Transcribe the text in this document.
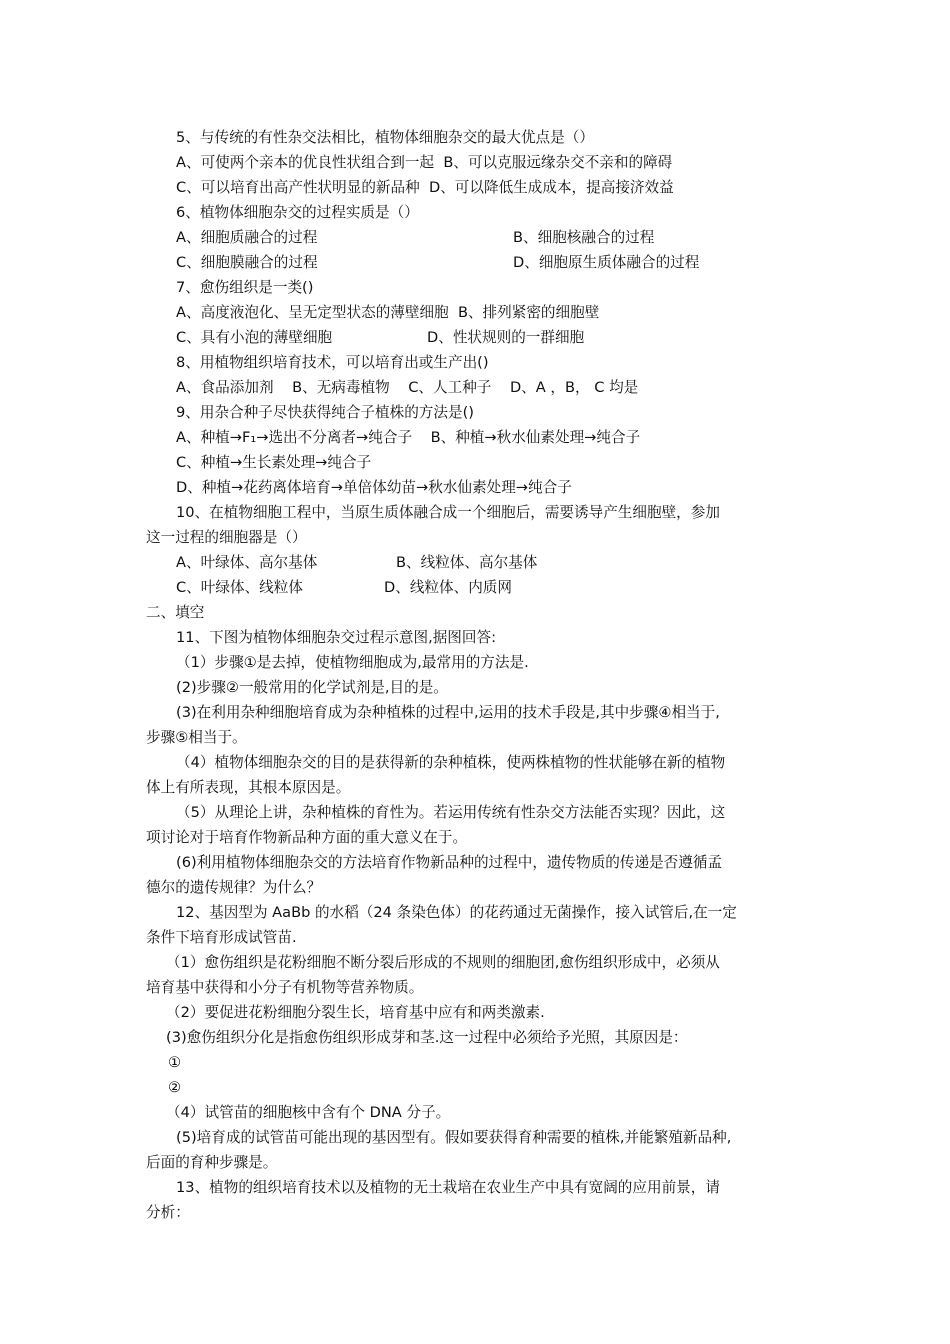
5、与传统的有性杂交法相比，植物体细胞杂交的最大优点是（）
A、可使两个亲本的优良性状组合到一起  B、可以克服远缘杂交不亲和的障碍
C、可以培育出高产性状明显的新品种  D、可以降低生成成本，提高接济效益
6、植物体细胞杂交的过程实质是（）
A、细胞质融合的过程	B、细胞核融合的过程
C、细胞膜融合的过程	D、细胞原生质体融合的过程
7、愈伤组织是一类()
A、高度液泡化、呈无定型状态的薄壁细胞  B、排列紧密的细胞壁
C、具有小泡的薄壁细胞	D、性状规则的一群细胞
8、用植物组织培育技术，可以培育出或生产出()
A、食品添加剂    B、无病毒植物    C、人工种子    D、A ，B， C 均是
9、用杂合种子尽快获得纯合子植株的方法是()
A、种植→F₁→选出不分离者→纯合子    B、种植→秋水仙素处理→纯合子
C、种植→生长素处理→纯合子
D、种植→花药离体培育→单倍体幼苗→秋水仙素处理→纯合子
10、在植物细胞工程中，当原生质体融合成一个细胞后，需要诱导产生细胞壁，参加
这一过程的细胞器是（）
A、叶绿体、高尔基体	B、线粒体、高尔基体
C、叶绿体、线粒体	D、线粒体、内质网
二、填空
11、下图为植物体细胞杂交过程示意图,据图回答:
（1）步骤①是去掉，使植物细胞成为,最常用的方法是.
(2)步骤②一般常用的化学试剂是,目的是。
(3)在利用杂种细胞培育成为杂种植株的过程中,运用的技术手段是,其中步骤④相当于,
步骤⑤相当于。
（4）植物体细胞杂交的目的是获得新的杂种植株，使两株植物的性状能够在新的植物
体上有所表现，其根本原因是。
（5）从理论上讲，杂种植株的育性为。若运用传统有性杂交方法能否实现？因此，这
项讨论对于培育作物新品种方面的重大意义在于。
(6)利用植物体细胞杂交的方法培育作物新品种的过程中，遗传物质的传递是否遵循孟
德尔的遗传规律？为什么？
12、基因型为 AaBb 的水稻（24 条染色体）的花药通过无菌操作，接入试管后,在一定
条件下培育形成试管苗.
（1）愈伤组织是花粉细胞不断分裂后形成的不规则的细胞团,愈伤组织形成中，必须从
培育基中获得和小分子有机物等营养物质。
（2）要促进花粉细胞分裂生长，培育基中应有和两类激素.
(3)愈伤组织分化是指愈伤组织形成芽和茎.这一过程中必须给予光照，其原因是：
①
②
（4）试管苗的细胞核中含有个 DNA 分子。
(5)培育成的试管苗可能出现的基因型有。假如要获得育种需要的植株,并能繁殖新品种,
后面的育种步骤是。
13、植物的组织培育技术以及植物的无土栽培在农业生产中具有宽阔的应用前景，请
分析：
